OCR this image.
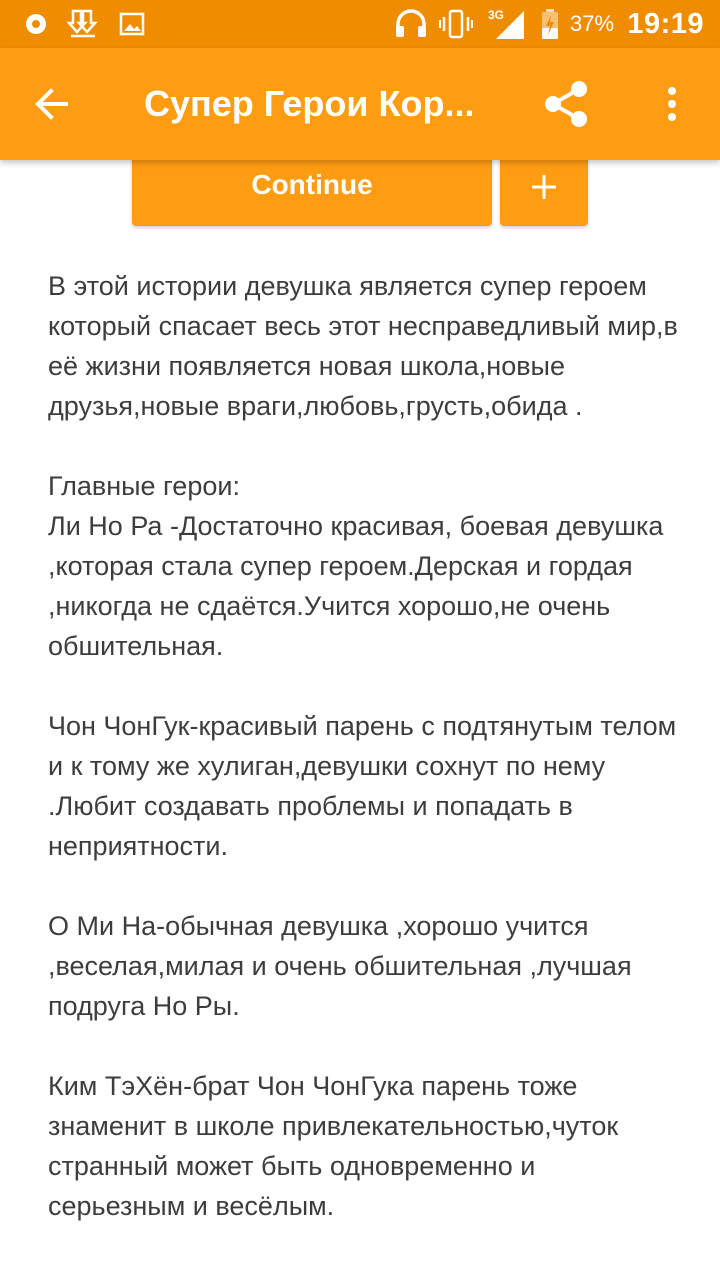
3G	37% 19:19
Супер Герои Кор...
Continue

В этой истории девушка является супер героем который спасает весь этот несправедливый мир,в её жизни появляется новая школа,новые друзья,новые враги,любовь,грусть,обида .

Главные герои:
Ли Но Ра -Достаточно красивая, боевая девушка ,которая стала супер героем.Дерская и гордая ,никогда не сдаётся.Учится хорошо,не очень обшительная.

Чон ЧонГук-красивый парень с подтянутым телом и к тому же хулиган,девушки сохнут по нему .Любит создавать проблемы и попадать в неприятности.

О Ми На-обычная девушка ,хорошо учится ,веселая,милая и очень обшительная ,лучшая подруга Но Ры.

Ким ТэХён-брат Чон ЧонГука парень тоже знаменит в школе привлекательностью,чуток странный может быть одновременно и серьезным и весёлым.
